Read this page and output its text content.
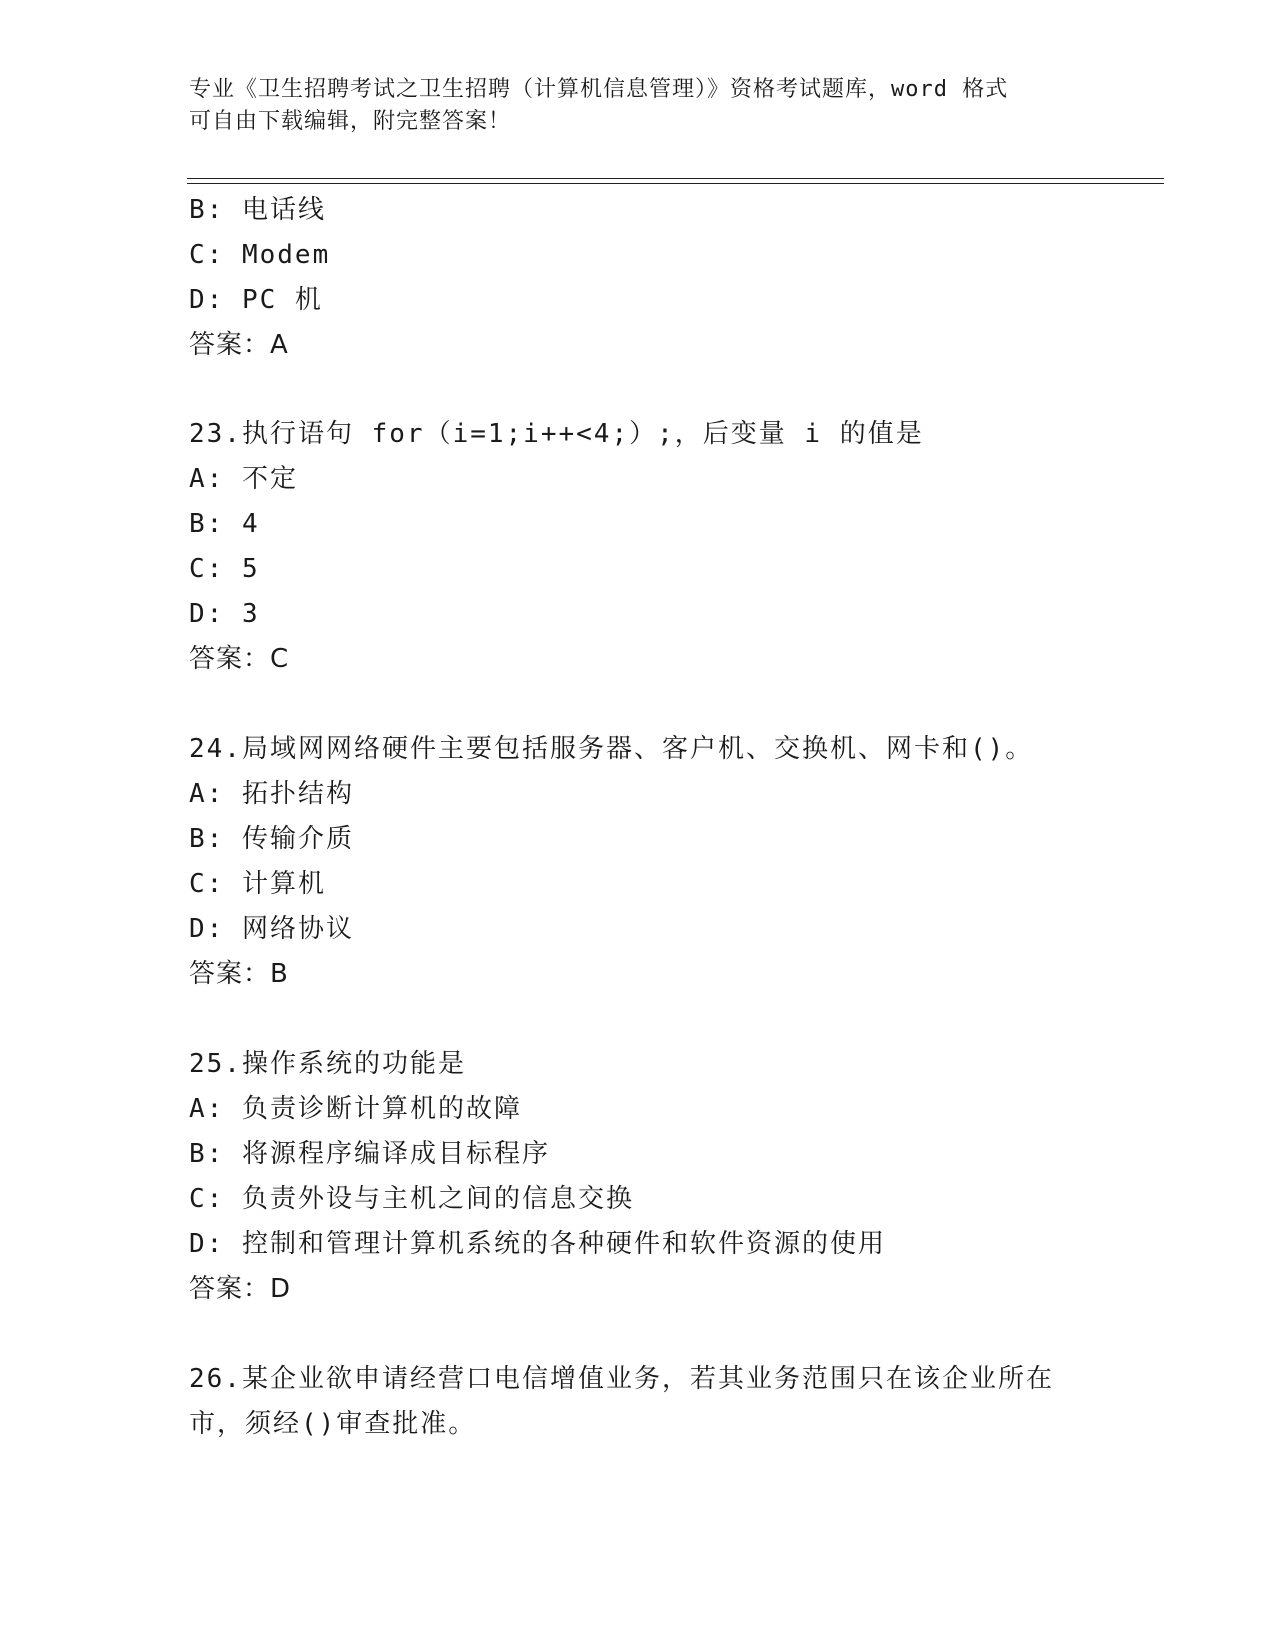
专业《卫生招聘考试之卫生招聘（计算机信息管理）》资格考试题库，word 格式
可自由下载编辑，附完整答案！
B: 电话线
C: Modem
D: PC 机
答案：A
23.执行语句 for（i=1;i++<4;）;，后变量 i 的值是
A: 不定
B: 4
C: 5
D: 3
答案：C
24.局域网网络硬件主要包括服务器、客户机、交换机、网卡和()。
A: 拓扑结构
B: 传输介质
C: 计算机
D: 网络协议
答案：B
25.操作系统的功能是
A: 负责诊断计算机的故障
B: 将源程序编译成目标程序
C: 负责外设与主机之间的信息交换
D: 控制和管理计算机系统的各种硬件和软件资源的使用
答案：D
26.某企业欲申请经营口电信增值业务，若其业务范围只在该企业所在
市，须经()审查批准。
